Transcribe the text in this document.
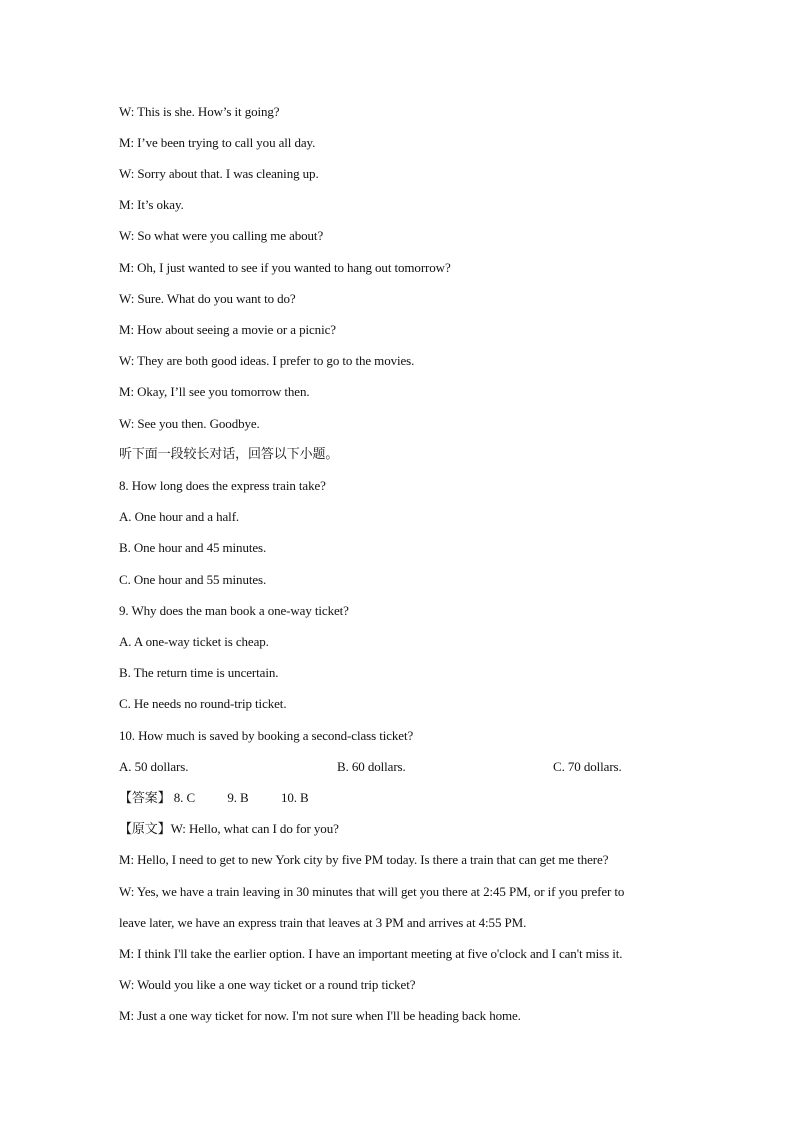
W: This is she. How’s it going?
M: I’ve been trying to call you all day.
W: Sorry about that. I was cleaning up.
M: It’s okay.
W: So what were you calling me about?
M: Oh, I just wanted to see if you wanted to hang out tomorrow?
W: Sure. What do you want to do?
M: How about seeing a movie or a picnic?
W: They are both good ideas. I prefer to go to the movies.
M: Okay, I’ll see you tomorrow then.
W: See you then. Goodbye.
听下面一段较长对话，回答以下小题。
8. How long does the express train take?
A. One hour and a half.
B. One hour and 45 minutes.
C. One hour and 55 minutes.
9. Why does the man book a one-way ticket?
A. A one-way ticket is cheap.
B. The return time is uncertain.
C. He needs no round-trip ticket.
10. How much is saved by booking a second-class ticket?
A. 50 dollars.	B. 60 dollars.	C. 70 dollars.
【答案】 8. C 9. B 10. B
【原文】W: Hello, what can I do for you?
M: Hello, I need to get to new York city by five PM today. Is there a train that can get me there?
W: Yes, we have a train leaving in 30 minutes that will get you there at 2:45 PM, or if you prefer to
leave later, we have an express train that leaves at 3 PM and arrives at 4:55 PM.
M: I think I'll take the earlier option. I have an important meeting at five o'clock and I can't miss it.
W: Would you like a one way ticket or a round trip ticket?
M: Just a one way ticket for now. I'm not sure when I'll be heading back home.
